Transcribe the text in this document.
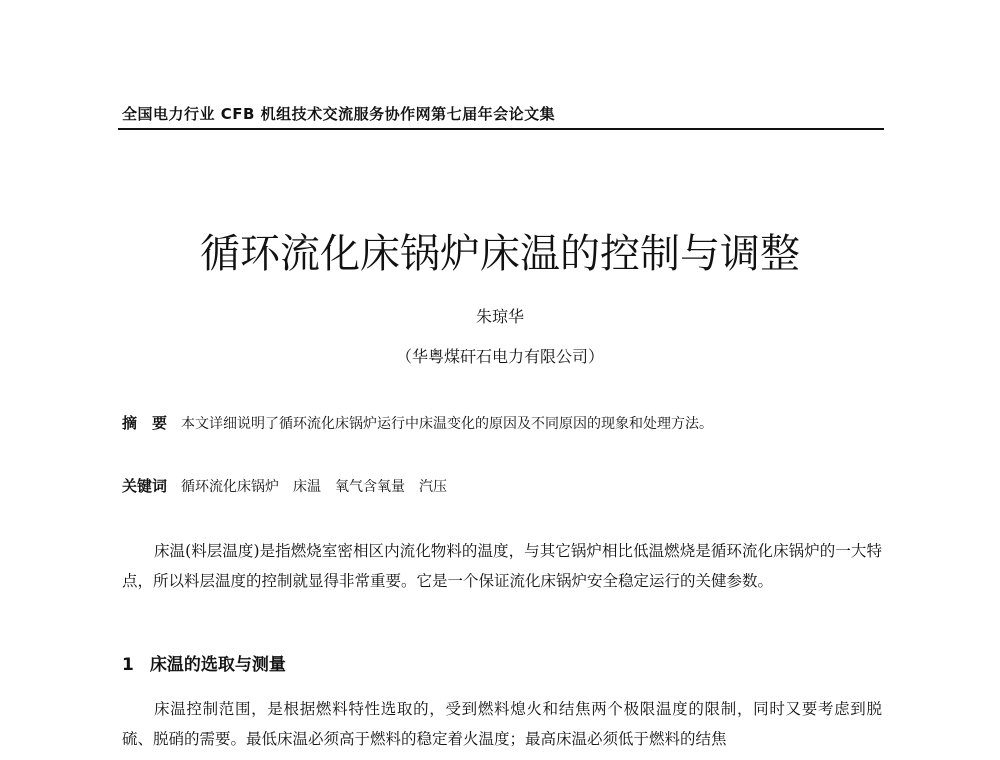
全国电力行业 CFB 机组技术交流服务协作网第七届年会论文集
循环流化床锅炉床温的控制与调整
朱琼华
（华粤煤矸石电力有限公司）
摘　要 本文详细说明了循环流化床锅炉运行中床温变化的原因及不同原因的现象和处理方法。
关键词 循环流化床锅炉 床温 氧气含氧量 汽压
床温(料层温度)是指燃烧室密相区内流化物料的温度，与其它锅炉相比低温燃烧是循环流化床锅炉的一大特点，所以料层温度的控制就显得非常重要。它是一个保证流化床锅炉安全稳定运行的关健参数。
1 床温的选取与测量
床温控制范围，是根据燃料特性选取的，受到燃料熄火和结焦两个极限温度的限制，同时又要考虑到脱硫、脱硝的需要。最低床温必须高于燃料的稳定着火温度；最高床温必须低于燃料的结焦
